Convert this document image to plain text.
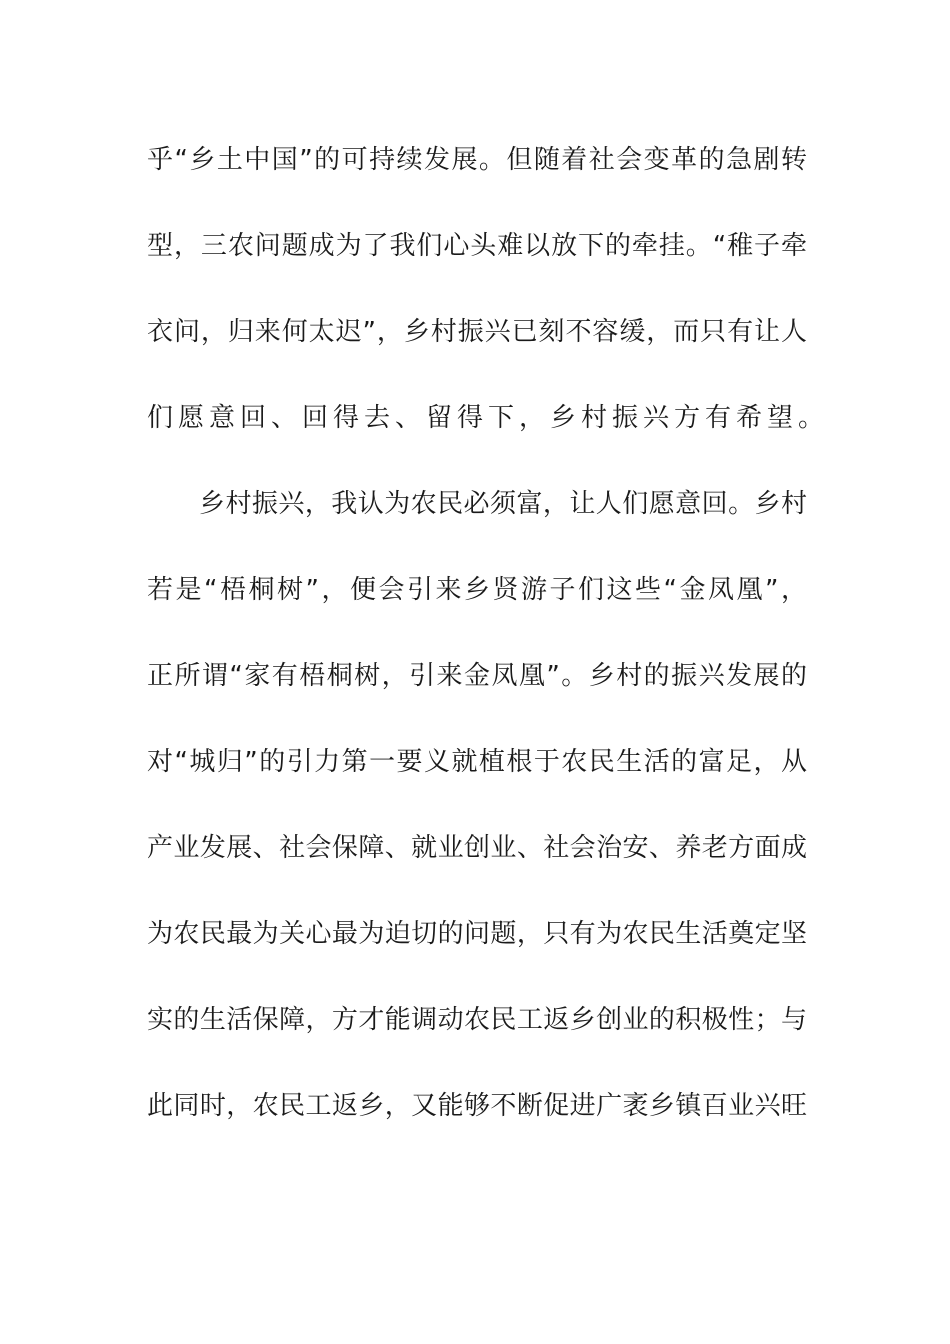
乎“乡土中国”的可持续发展。但随着社会变革的急剧转
型，三农问题成为了我们心头难以放下的牵挂。“稚子牵
衣问，归来何太迟”，乡村振兴已刻不容缓，而只有让人
们愿意回、回得去、留得下，乡村振兴方有希望。
乡村振兴，我认为农民必须富，让人们愿意回。乡村
若是“梧桐树”，便会引来乡贤游子们这些“金凤凰”，
正所谓“家有梧桐树，引来金凤凰”。乡村的振兴发展的
对“城归”的引力第一要义就植根于农民生活的富足，从
产业发展、社会保障、就业创业、社会治安、养老方面成
为农民最为关心最为迫切的问题，只有为农民生活奠定坚
实的生活保障，方才能调动农民工返乡创业的积极性；与
此同时，农民工返乡，又能够不断促进广袤乡镇百业兴旺
